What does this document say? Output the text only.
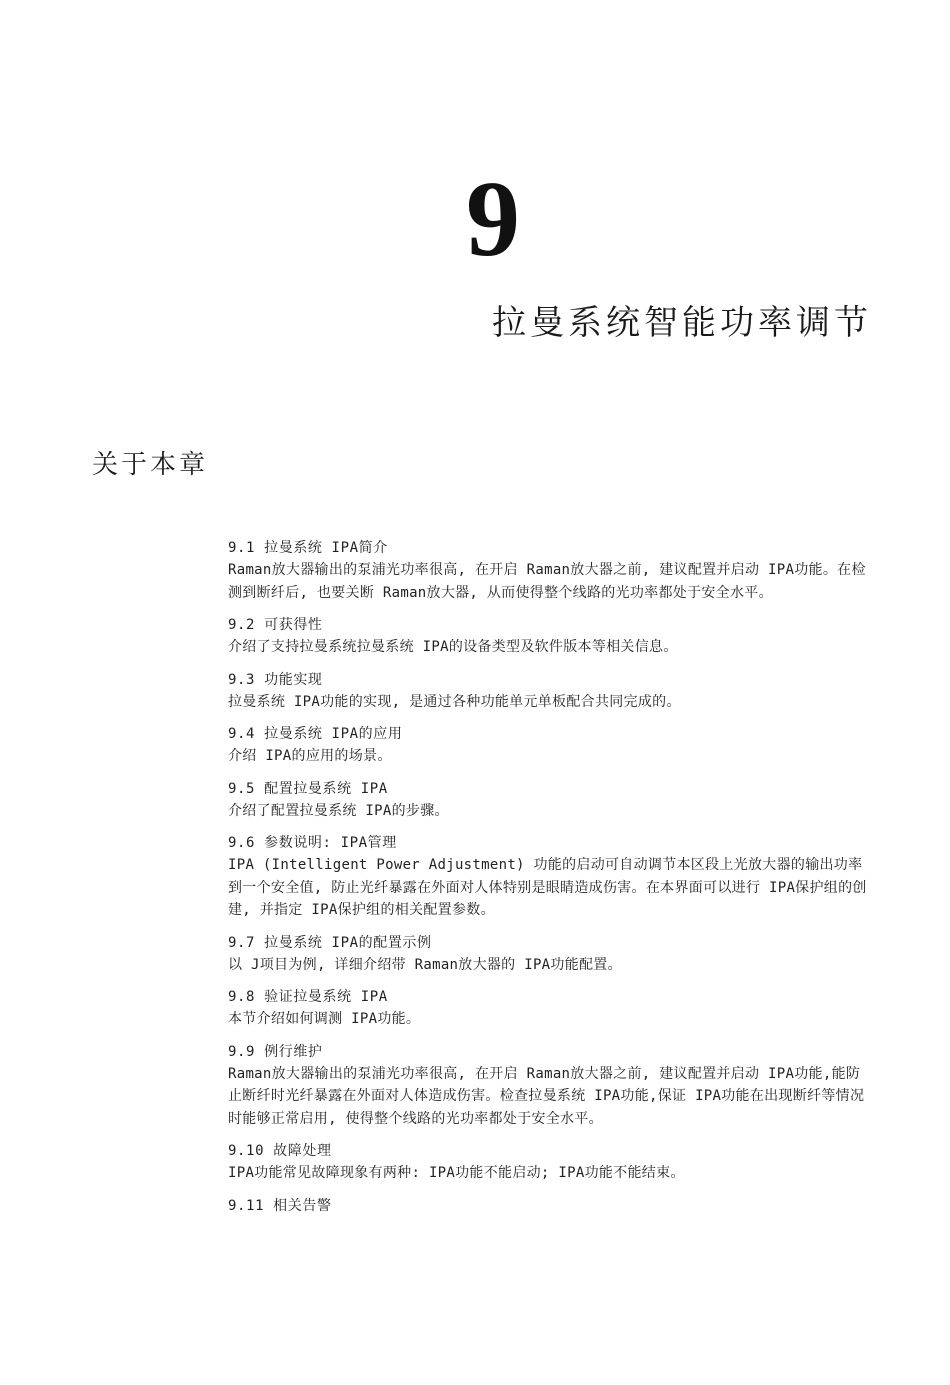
9
拉曼系统智能功率调节
关于本章
9.1 拉曼系统 IPA简介
Raman放大器输出的泵浦光功率很高, 在开启 Raman放大器之前, 建议配置并启动 IPA功能。在检测到断纤后, 也要关断 Raman放大器, 从而使得整个线路的光功率都处于安全水平。
9.2 可获得性
介绍了支持拉曼系统拉曼系统 IPA的设备类型及软件版本等相关信息。
9.3 功能实现
拉曼系统 IPA功能的实现, 是通过各种功能单元单板配合共同完成的。
9.4 拉曼系统 IPA的应用
介绍 IPA的应用的场景。
9.5 配置拉曼系统 IPA
介绍了配置拉曼系统 IPA的步骤。
9.6 参数说明: IPA管理
IPA (Intelligent Power Adjustment) 功能的启动可自动调节本区段上光放大器的输出功率到一个安全值, 防止光纤暴露在外面对人体特别是眼睛造成伤害。在本界面可以进行 IPA保护组的创建, 并指定 IPA保护组的相关配置参数。
9.7 拉曼系统 IPA的配置示例
以 J项目为例, 详细介绍带 Raman放大器的 IPA功能配置。
9.8 验证拉曼系统 IPA
本节介绍如何调测 IPA功能。
9.9 例行维护
Raman放大器输出的泵浦光功率很高, 在开启 Raman放大器之前, 建议配置并启动 IPA功能,能防止断纤时光纤暴露在外面对人体造成伤害。检查拉曼系统 IPA功能,保证 IPA功能在出现断纤等情况时能够正常启用, 使得整个线路的光功率都处于安全水平。
9.10 故障处理
IPA功能常见故障现象有两种: IPA功能不能启动; IPA功能不能结束。
9.11 相关告警
